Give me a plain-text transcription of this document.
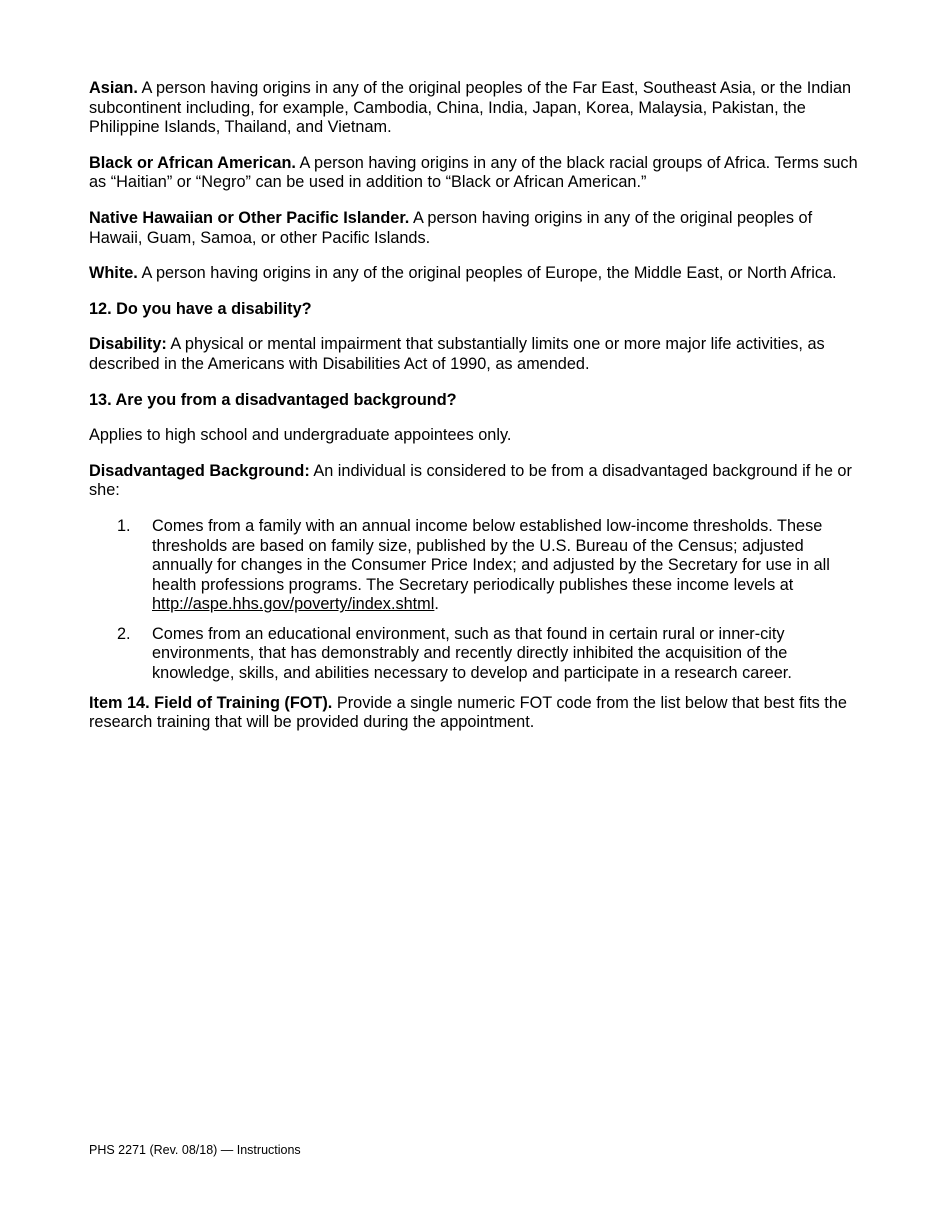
Asian. A person having origins in any of the original peoples of the Far East, Southeast Asia, or the Indian subcontinent including, for example, Cambodia, China, India, Japan, Korea, Malaysia, Pakistan, the Philippine Islands, Thailand, and Vietnam.

Black or African American. A person having origins in any of the black racial groups of Africa. Terms such as “Haitian” or “Negro” can be used in addition to “Black or African American.”

Native Hawaiian or Other Pacific Islander. A person having origins in any of the original peoples of Hawaii, Guam, Samoa, or other Pacific Islands.

White. A person having origins in any of the original peoples of Europe, the Middle East, or North Africa.

12. Do you have a disability?

Disability: A physical or mental impairment that substantially limits one or more major life activities, as described in the Americans with Disabilities Act of 1990, as amended.

13. Are you from a disadvantaged background?

Applies to high school and undergraduate appointees only.

Disadvantaged Background: An individual is considered to be from a disadvantaged background if he or she:

1. Comes from a family with an annual income below established low-income thresholds. These thresholds are based on family size, published by the U.S. Bureau of the Census; adjusted annually for changes in the Consumer Price Index; and adjusted by the Secretary for use in all health professions programs. The Secretary periodically publishes these income levels at http://aspe.hhs.gov/poverty/index.shtml.
2. Comes from an educational environment, such as that found in certain rural or inner-city environments, that has demonstrably and recently directly inhibited the acquisition of the knowledge, skills, and abilities necessary to develop and participate in a research career.

Item 14. Field of Training (FOT). Provide a single numeric FOT code from the list below that best fits the research training that will be provided during the appointment.

PHS 2271 (Rev. 08/18) — Instructions
